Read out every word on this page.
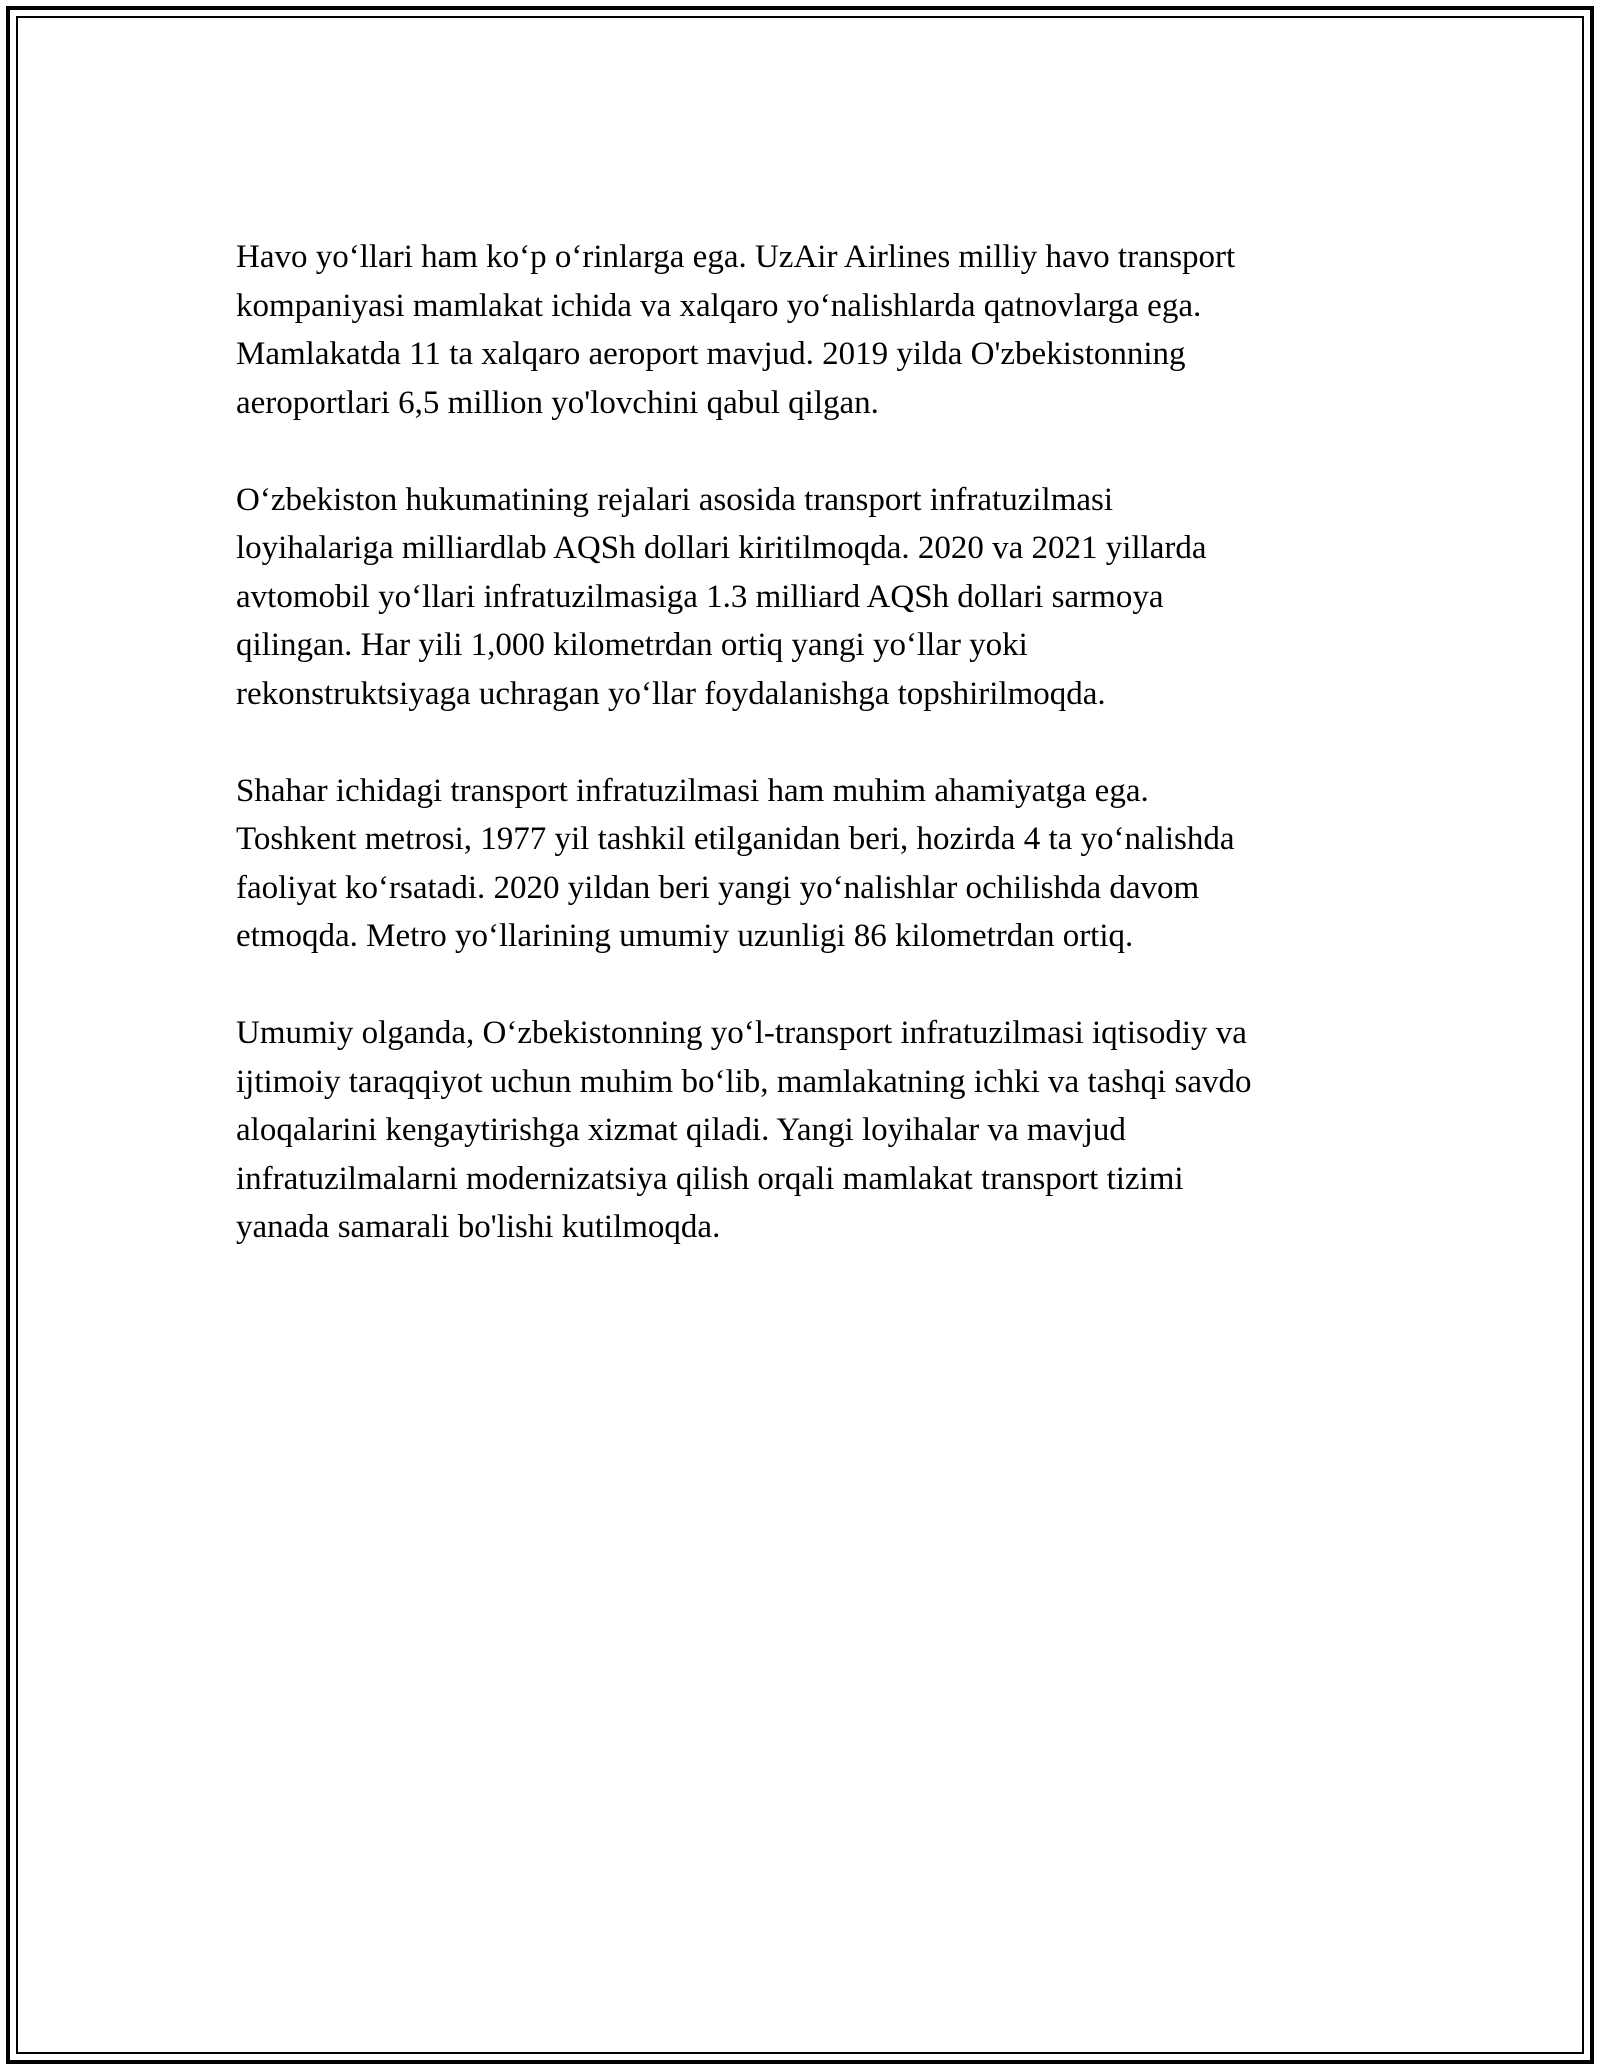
Havo yo‘llari ham ko‘p o‘rinlarga ega. UzAir Airlines milliy havo transport
kompaniyasi mamlakat ichida va xalqaro yo‘nalishlarda qatnovlarga ega.
Mamlakatda 11 ta xalqaro aeroport mavjud. 2019 yilda O'zbekistonning
aeroportlari 6,5 million yo'lovchini qabul qilgan.

O‘zbekiston hukumatining rejalari asosida transport infratuzilmasi
loyihalariga milliardlab AQSh dollari kiritilmoqda. 2020 va 2021 yillarda
avtomobil yo‘llari infratuzilmasiga 1.3 milliard AQSh dollari sarmoya
qilingan. Har yili 1,000 kilometrdan ortiq yangi yo‘llar yoki
rekonstruktsiyaga uchragan yo‘llar foydalanishga topshirilmoqda.

Shahar ichidagi transport infratuzilmasi ham muhim ahamiyatga ega.
Toshkent metrosi, 1977 yil tashkil etilganidan beri, hozirda 4 ta yo‘nalishda
faoliyat ko‘rsatadi. 2020 yildan beri yangi yo‘nalishlar ochilishda davom
etmoqda. Metro yo‘llarining umumiy uzunligi 86 kilometrdan ortiq.

Umumiy olganda, O‘zbekistonning yo‘l-transport infratuzilmasi iqtisodiy va
ijtimoiy taraqqiyot uchun muhim bo‘lib, mamlakatning ichki va tashqi savdo
aloqalarini kengaytirishga xizmat qiladi. Yangi loyihalar va mavjud
infratuzilmalarni modernizatsiya qilish orqali mamlakat transport tizimi
yanada samarali bo'lishi kutilmoqda.
